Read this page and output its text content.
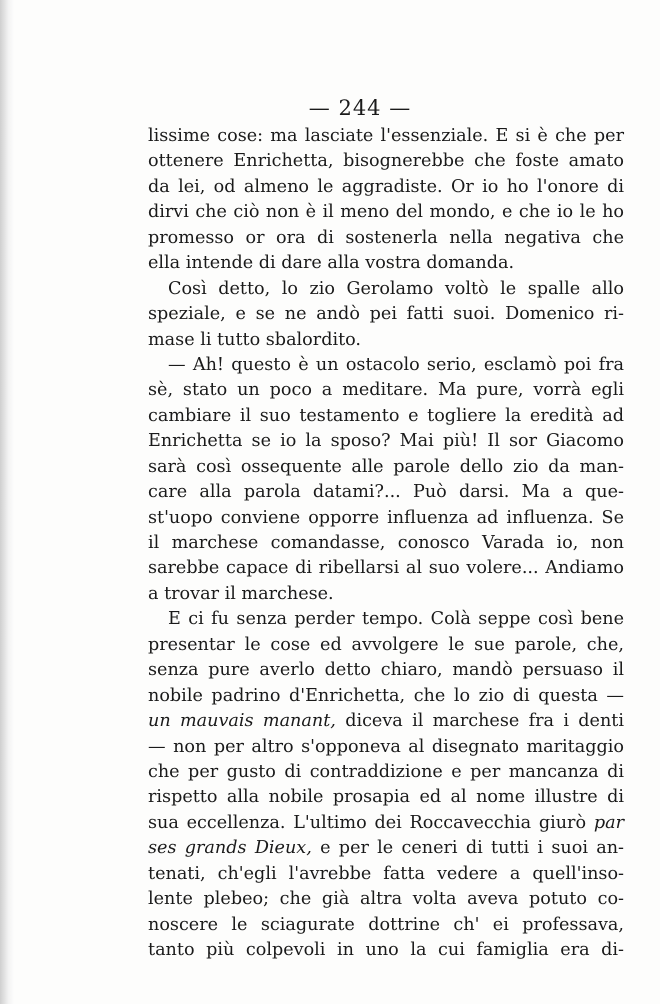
— 244 —
lissime cose: ma lasciate l'essenziale. E si è che per
ottenere Enrichetta, bisognerebbe che foste amato
da lei, od almeno le aggradiste. Or io ho l'onore di
dirvi che ciò non è il meno del mondo, e che io le ho
promesso or ora di sostenerla nella negativa che
ella intende di dare alla vostra domanda.
Così detto, lo zio Gerolamo voltò le spalle allo
speziale, e se ne andò pei fatti suoi. Domenico ri-
mase li tutto sbalordito.
— Ah! questo è un ostacolo serio, esclamò poi fra
sè, stato un poco a meditare. Ma pure, vorrà egli
cambiare il suo testamento e togliere la eredità ad
Enrichetta se io la sposo? Mai più! Il sor Giacomo
sarà così ossequente alle parole dello zio da man-
care alla parola datami?... Può darsi. Ma a que-
st'uopo conviene opporre influenza ad influenza. Se
il marchese comandasse, conosco Varada io, non
sarebbe capace di ribellarsi al suo volere... Andiamo
a trovar il marchese.
E ci fu senza perder tempo. Colà seppe così bene
presentar le cose ed avvolgere le sue parole, che,
senza pure averlo detto chiaro, mandò persuaso il
nobile padrino d'Enrichetta, che lo zio di questa —
un mauvais manant, diceva il marchese fra i denti
— non per altro s'opponeva al disegnato maritaggio
che per gusto di contraddizione e per mancanza di
rispetto alla nobile prosapia ed al nome illustre di
sua eccellenza. L'ultimo dei Roccavecchia giurò par
ses grands Dieux, e per le ceneri di tutti i suoi an-
tenati, ch'egli l'avrebbe fatta vedere a quell'inso-
lente plebeo; che già altra volta aveva potuto co-
noscere le sciagurate dottrine ch' ei professava,
tanto più colpevoli in uno la cui famiglia era di-
